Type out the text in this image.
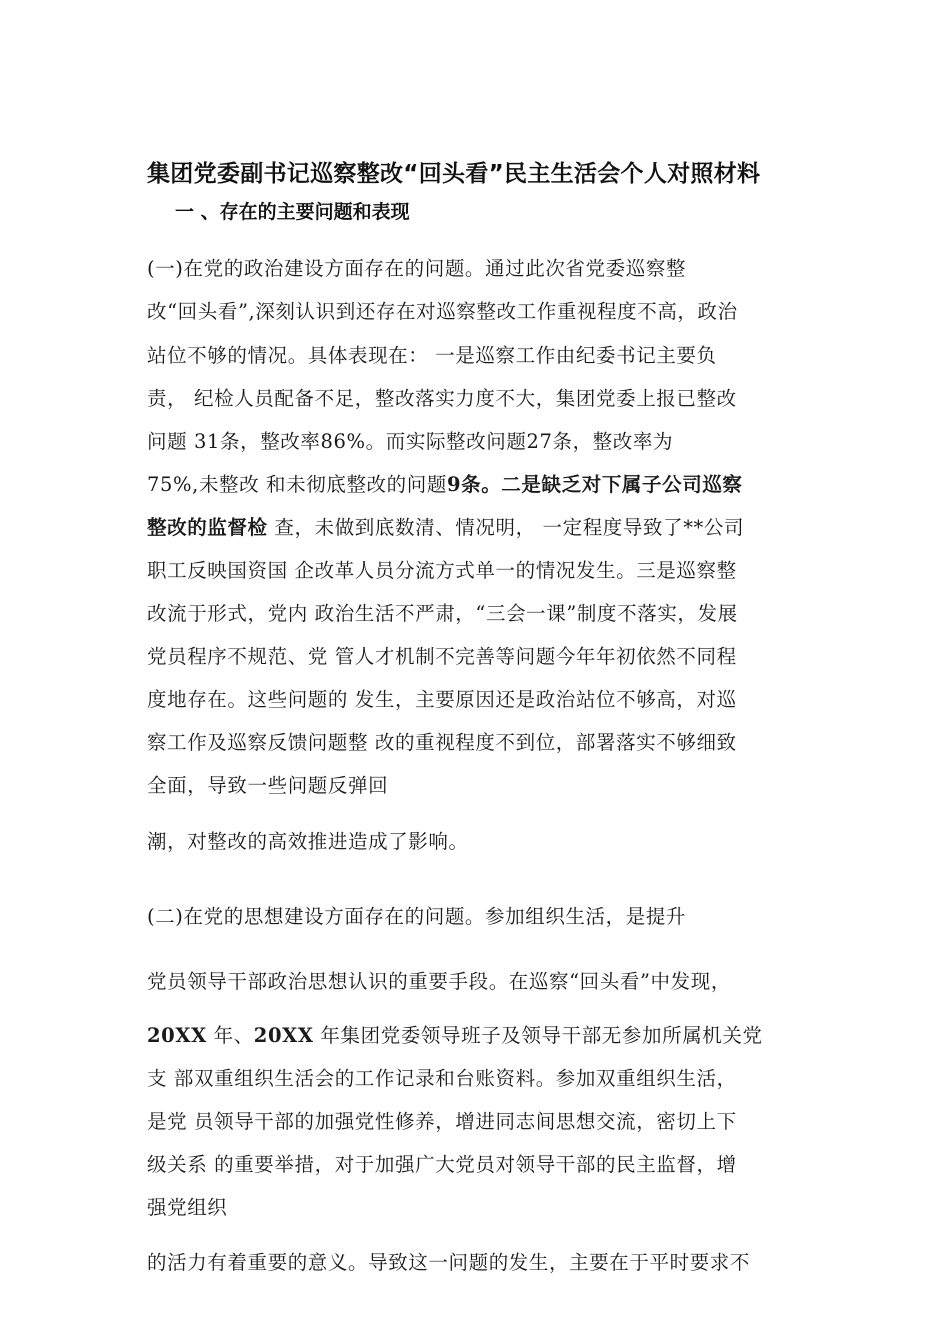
集团党委副书记巡察整改“回头看”民主生活会个人对照材料
一 、存在的主要问题和表现
(一)在党的政治建设方面存在的问题。通过此次省党委巡察整
改“回头看”,深刻认识到还存在对巡察整改工作重视程度不高，政治
站位不够的情况。具体表现在： 一是巡察工作由纪委书记主要负
责， 纪检人员配备不足，整改落实力度不大，集团党委上报已整改
问题 31条，整改率86%。而实际整改问题27条，整改率为
75%,未整改 和未彻底整改的问题9条。二是缺乏对下属子公司巡察
整改的监督检 查，未做到底数清、情况明， 一定程度导致了**公司
职工反映国资国 企改革人员分流方式单一的情况发生。三是巡察整
改流于形式，党内 政治生活不严肃，“三会一课”制度不落实，发展
党员程序不规范、党 管人才机制不完善等问题今年年初依然不同程
度地存在。这些问题的 发生，主要原因还是政治站位不够高，对巡
察工作及巡察反馈问题整 改的重视程度不到位，部署落实不够细致
全面，导致一些问题反弹回
潮，对整改的高效推进造成了影响。
(二)在党的思想建设方面存在的问题。参加组织生活，是提升
党员领导干部政治思想认识的重要手段。在巡察“回头看”中发现，
20XX 年、20XX 年集团党委领导班子及领导干部无参加所属机关党
支 部双重组织生活会的工作记录和台账资料。参加双重组织生活，
是党 员领导干部的加强党性修养，增进同志间思想交流，密切上下
级关系 的重要举措，对于加强广大党员对领导干部的民主监督，增
强党组织
的活力有着重要的意义。导致这一问题的发生，主要在于平时要求不
